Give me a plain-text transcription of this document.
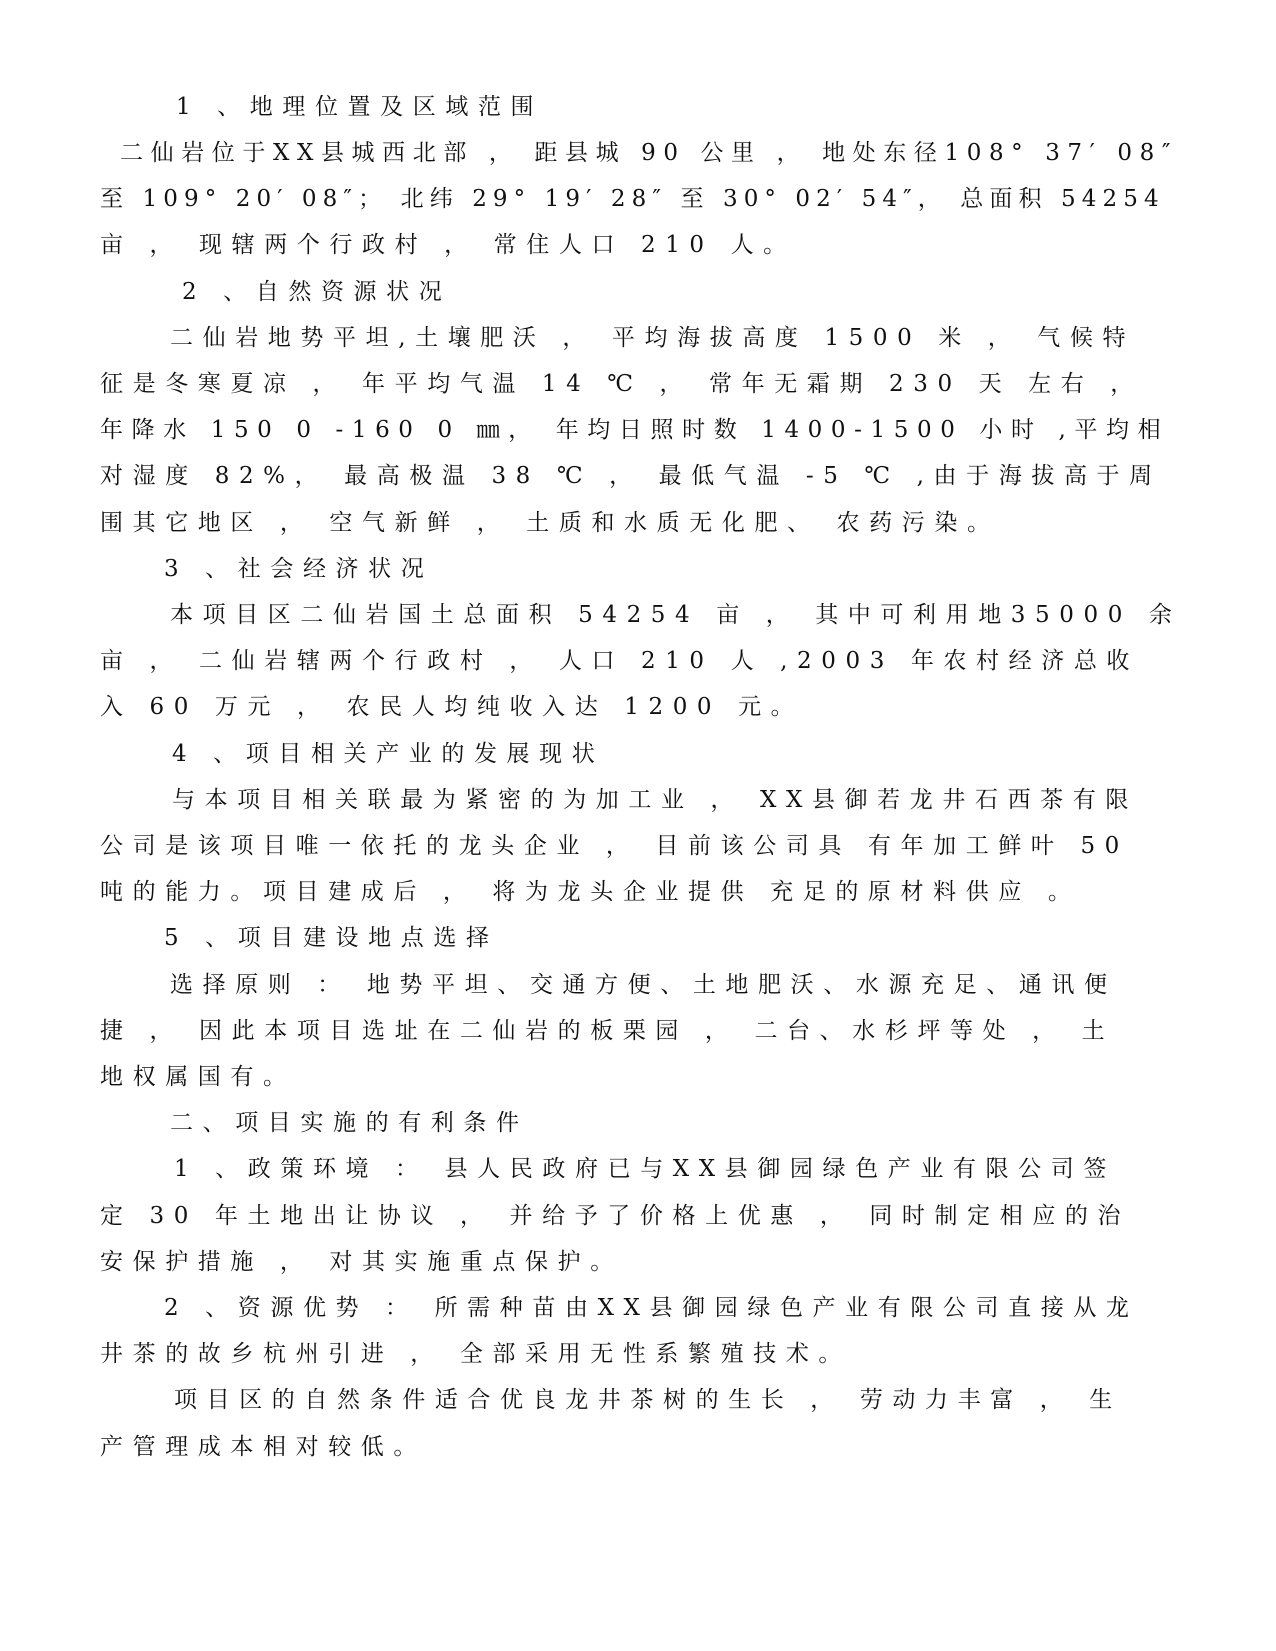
1 、地理位置及区域范围
二仙岩位于XX县城西北部 ， 距县城 90 公里 ， 地处东径108° 37′ 08″
至 109° 20′ 08″； 北纬 29° 19′ 28″ 至 30° 02′ 54″， 总面积 54254
亩 ， 现辖两个行政村 ， 常住人口 210 人。
2 、自然资源状况
二仙岩地势平坦,土壤肥沃 ， 平均海拔高度 1500 米 ， 气候特
征是冬寒夏凉 ， 年平均气温 14 ℃ ， 常年无霜期 230 天 左右 ，
年降水 150 0 -160 0 ㎜， 年均日照时数 1400-1500 小时 ,平均相
对湿度 82%， 最高极温 38 ℃ ， 最低气温 -5 ℃ ,由于海拔高于周
围其它地区 ， 空气新鲜 ， 土质和水质无化肥、 农药污染。
3 、社会经济状况
本项目区二仙岩国土总面积 54254 亩 ， 其中可利用地35000 余
亩 ， 二仙岩辖两个行政村 ， 人口 210 人 ,2003 年农村经济总收
入 60 万元 ， 农民人均纯收入达 1200 元。
4 、项目相关产业的发展现状
与本项目相关联最为紧密的为加工业 ， XX县御若龙井石西茶有限
公司是该项目唯一依托的龙头企业 ， 目前该公司具 有年加工鲜叶 50
吨的能力。项目建成后 ， 将为龙头企业提供 充足的原材料供应 。
5 、项目建设地点选择
选择原则 ： 地势平坦、交通方便、土地肥沃、水源充足、通讯便
捷 ， 因此本项目选址在二仙岩的板栗园 ， 二台、水杉坪等处 ， 土
地权属国有。
二、项目实施的有利条件
1 、政策环境 ： 县人民政府已与XX县御园绿色产业有限公司签
定 30 年土地出让协议 ， 并给予了价格上优惠 ， 同时制定相应的治
安保护措施 ， 对其实施重点保护。
2 、资源优势 ： 所需种苗由XX县御园绿色产业有限公司直接从龙
井茶的故乡杭州引进 ， 全部采用无性系繁殖技术。
项目区的自然条件适合优良龙井茶树的生长 ， 劳动力丰富 ， 生
产管理成本相对较低。
